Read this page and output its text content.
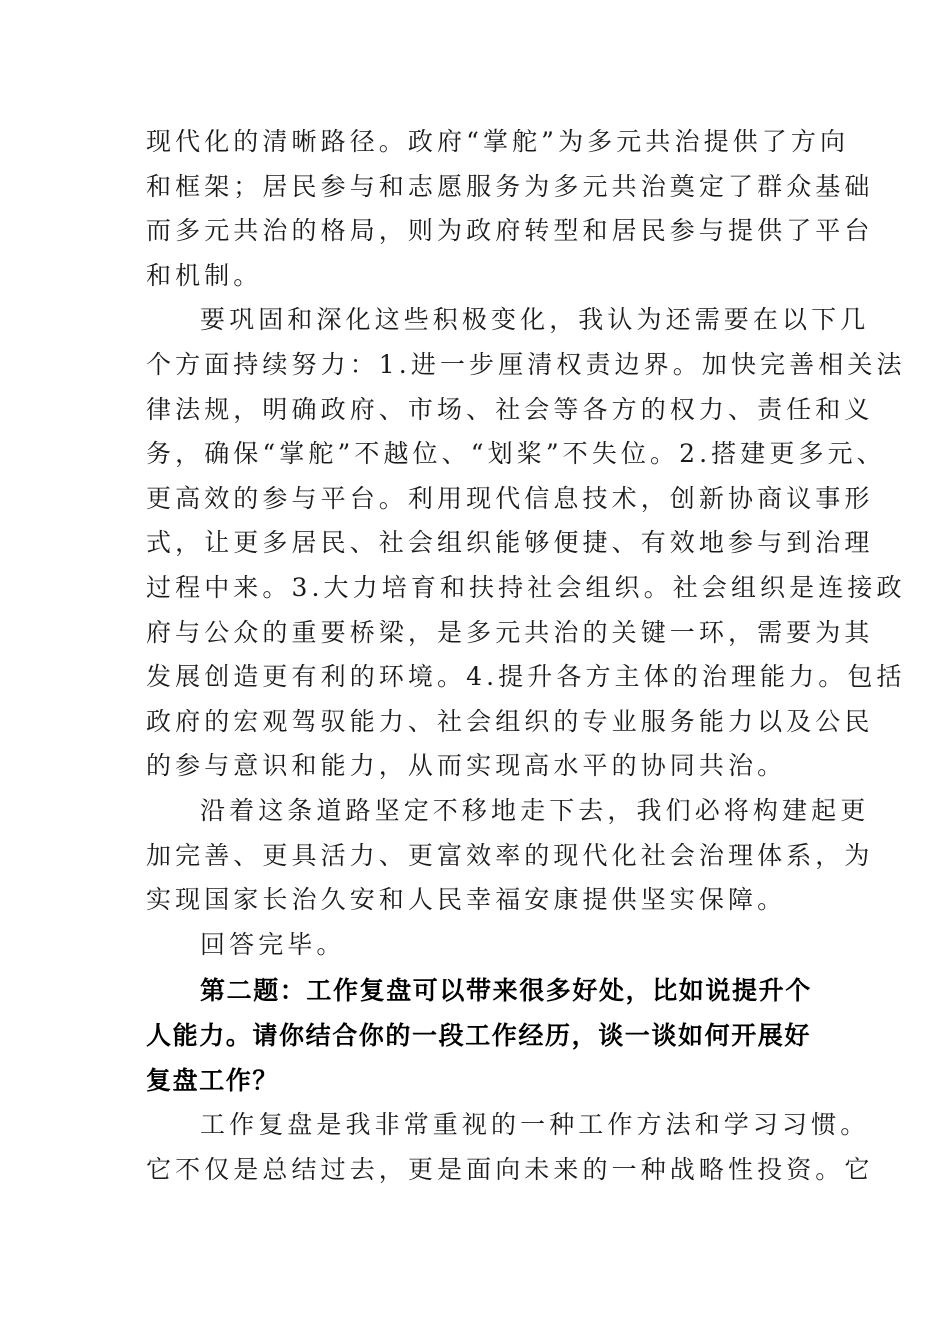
现代化的清晰路径。政府“掌舵”为多元共治提供了方向
和框架；居民参与和志愿服务为多元共治奠定了群众基础
而多元共治的格局，则为政府转型和居民参与提供了平台
和机制。
要巩固和深化这些积极变化，我认为还需要在以下几
个方面持续努力：1.进一步厘清权责边界。加快完善相关法
律法规，明确政府、市场、社会等各方的权力、责任和义
务，确保“掌舵”不越位、“划桨”不失位。2.搭建更多元、
更高效的参与平台。利用现代信息技术，创新协商议事形
式，让更多居民、社会组织能够便捷、有效地参与到治理
过程中来。3.大力培育和扶持社会组织。社会组织是连接政
府与公众的重要桥梁，是多元共治的关键一环，需要为其
发展创造更有利的环境。4.提升各方主体的治理能力。包括
政府的宏观驾驭能力、社会组织的专业服务能力以及公民
的参与意识和能力，从而实现高水平的协同共治。
沿着这条道路坚定不移地走下去，我们必将构建起更
加完善、更具活力、更富效率的现代化社会治理体系，为
实现国家长治久安和人民幸福安康提供坚实保障。
回答完毕。
第二题：工作复盘可以带来很多好处，比如说提升个
人能力。请你结合你的一段工作经历，谈一谈如何开展好
复盘工作？
工作复盘是我非常重视的一种工作方法和学习习惯。
它不仅是总结过去，更是面向未来的一种战略性投资。它
